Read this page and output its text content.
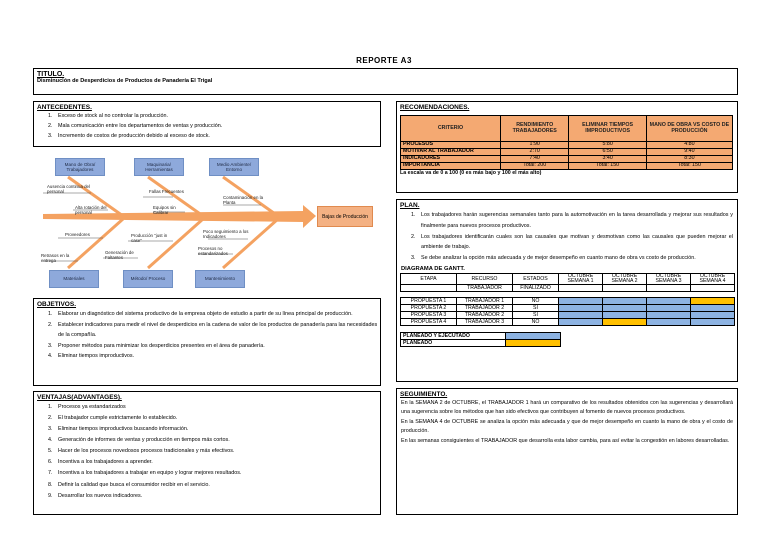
REPORTE A3
TITULO.
Disminución de Desperdicios de Productos de Panadería El Trigal
ANTECEDENTES.
1. Exceso de stock al no controlar la producción.
2. Mala comunicación entre los departamentos de ventas y producción.
3. Incremento de costos de producción debido al exceso de stock.
Mano de Obra/ Trabajadores
Maquinaria/ Herramientas
Medio Ambiente/ Entorno
Materiales	Método/ Proceso	Mantenimiento
Bajas de Producción
Ausencia continua del personal
Alta rotación del personal
Fallas Frecuentes
Equipos sin Calibrar
Contaminación en la Planta
Proveedores	Producción "just in case"
Generación de Faltantes
Poco seguimiento a los Indicadores
Procesos no estandarizados
Retrasos en la entrega
OBJETIVOS.
1. Elaborar un diagnóstico del sistema productivo de la empresa objeto de estudio a partir de su línea principal de producción.
2. Establecer indicadores para medir el nivel de desperdicios en la cadena de valor de los productos de panadería para las necesidades de la compañía.
3. Proponer métodos para minimizar los desperdicios presentes en el área de panadería.
4. Eliminar tiempos improductivos.
VENTAJAS(ADVANTAGES).
1. Procesos ya estandarizados
2. El trabajador cumple estrictamente lo establecido.
3. Eliminar tiempos improductivos buscando información.
4. Generación de informes de ventas y producción en tiempos más cortos.
5. Hacer de los procesos novedosos procesos tradicionales y más efectivos.
6. Incentiva a los trabajadores a aprender.
7. Incentiva a los trabajadores a trabajar en equipo y lograr mejores resultados.
8. Definir la calidad que busca el consumidor recibir en el servicio.
9. Desarrollar los nuevos indicadores.
RECOMENDACIONES.
CRITERIO	RENDIMIENTO TRABAJADORES	ELIMINAR TIEMPOS IMPRODUCTIVOS	MANO DE OBRA VS COSTO DE PRODUCCIÓN
PROCESOS	1:90	5:80	4:80
MOTIVAR AL TRABAJADOR	2:70	6:50	9:40
INDICADORES	7:40	3:40	8:30
IMPORTANCIA	Total: 200	Total: 150	Total: 150
La escala va de 0 a 100 (0 es más bajo y 100 el más alto)
PLAN.
1. Los trabajadores harán sugerencias semanales tanto para la automotivación en la tarea desarrollada y mejorar sus resultados y finalmente para nuevos procesos productivos.
2. Los trabajadores identificarán cuales son las causales que motivan y desmotivan como las causales que pueden mejorar el ambiente de trabajo.
3. Se debe analizar la opción más adecuada y de mejor desempeño en cuanto mano de obra vs costo de producción.
DIAGRAMA DE GANTT.
ETAPA	RECURSO	ESTADOS	OCTUBRE SEMANA 1	OCTUBRE SEMANA 2	OCTUBRE SEMANA 3	OCTUBRE SEMANA 4
	TRABAJADOR	FINALIZADO				

PROPUESTA 1	TRABAJADOR 1	NO				
PROPUESTA 2	TRABAJADOR 2	SI				
PROPUESTA 3	TRABAJADOR 2	SI				
PROPUESTA 4	TRABAJADOR 3	NO				
PLANEADO Y EJECUTADO		
PLANEADO		
SEGUIMIENTO.

En la SEMANA 2 de OCTUBRE, el TRABAJADOR 1 hará un comparativo de los resultados obtenidos con las sugerencias y desarrollará una sugerencia sobre los métodos que han sido efectivos que contribuyen al fomento de nuevos procesos productivos.

En la SEMANA 4 de OCTUBRE se analiza la opción más adecuada y que de mejor desempeño en cuanto la mano de obra y el costo de producción.

En las semanas consiguientes el TRABAJADOR que desarrolla esta labor cambia, para así evitar la congestión en labores desarrolladas.
